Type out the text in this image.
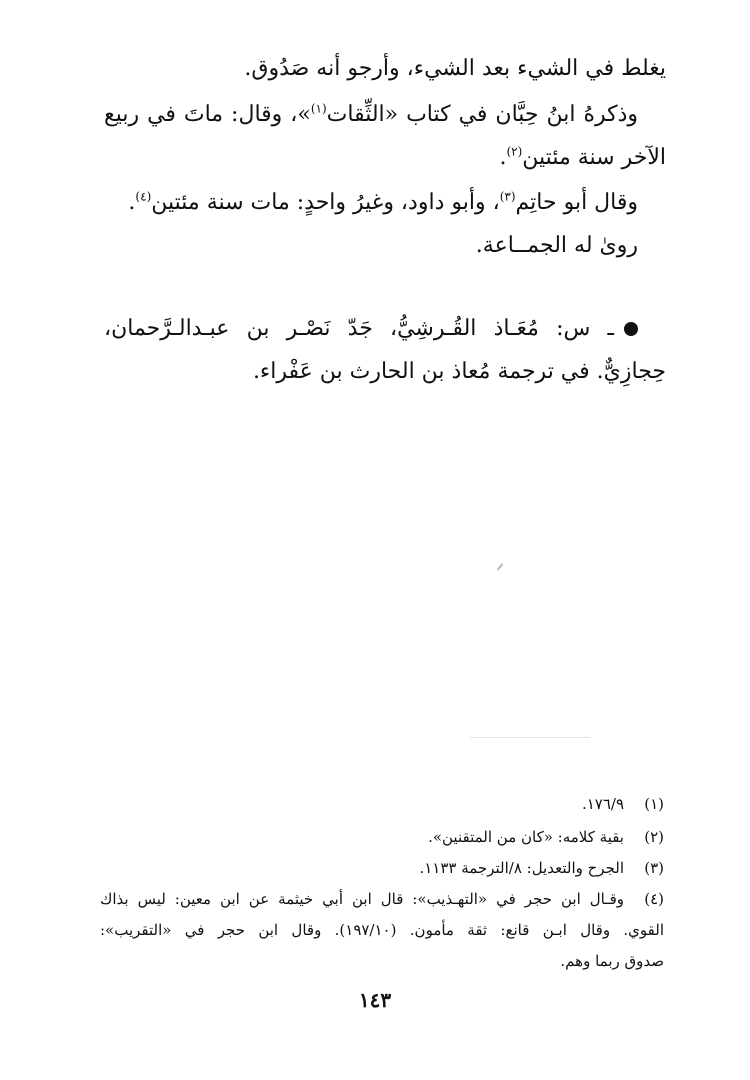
يغلط في الشيء بعد الشيء، وأرجو أنه صَدُوق.
وذكرهُ ابنُ حِبَّان في كتاب «الثِّقات$^{(١)}$»، وقال: ماتَ في ربيع
الآخر سنة مئتين$^{(٢)}$.
وقال أبو حاتِم$^{(٣)}$، وأبو داود، وغيرُ واحدٍ: مات سنة مئتين$^{(٤)}$.
روىٰ له الجمــاعة.
ـ س: مُعَـاذ القُـرشِيُّ، جَدّ نَصْـر بن عبـدالـرَّحمان،
حِجازِيٌّ. في ترجمة مُعاذ بن الحارث بن عَفْراء.
(١)
١٧٦/٩.
(٢)
بقية كلامه: «كان من المتقنين».
(٣)
الجرح والتعديل: ٨/الترجمة ١١٣٣.
(٤)
وقـال ابن حجر في «التهـذيب»: قال ابن أبي خيثمة عن ابن معين: ليس بذاك
القوي. وقال ابـن قانع: ثقة مأمون. (١٩٧/١٠). وقال ابن حجر في «التقريب»:
صدوق ربما وهم.
١٤٣
